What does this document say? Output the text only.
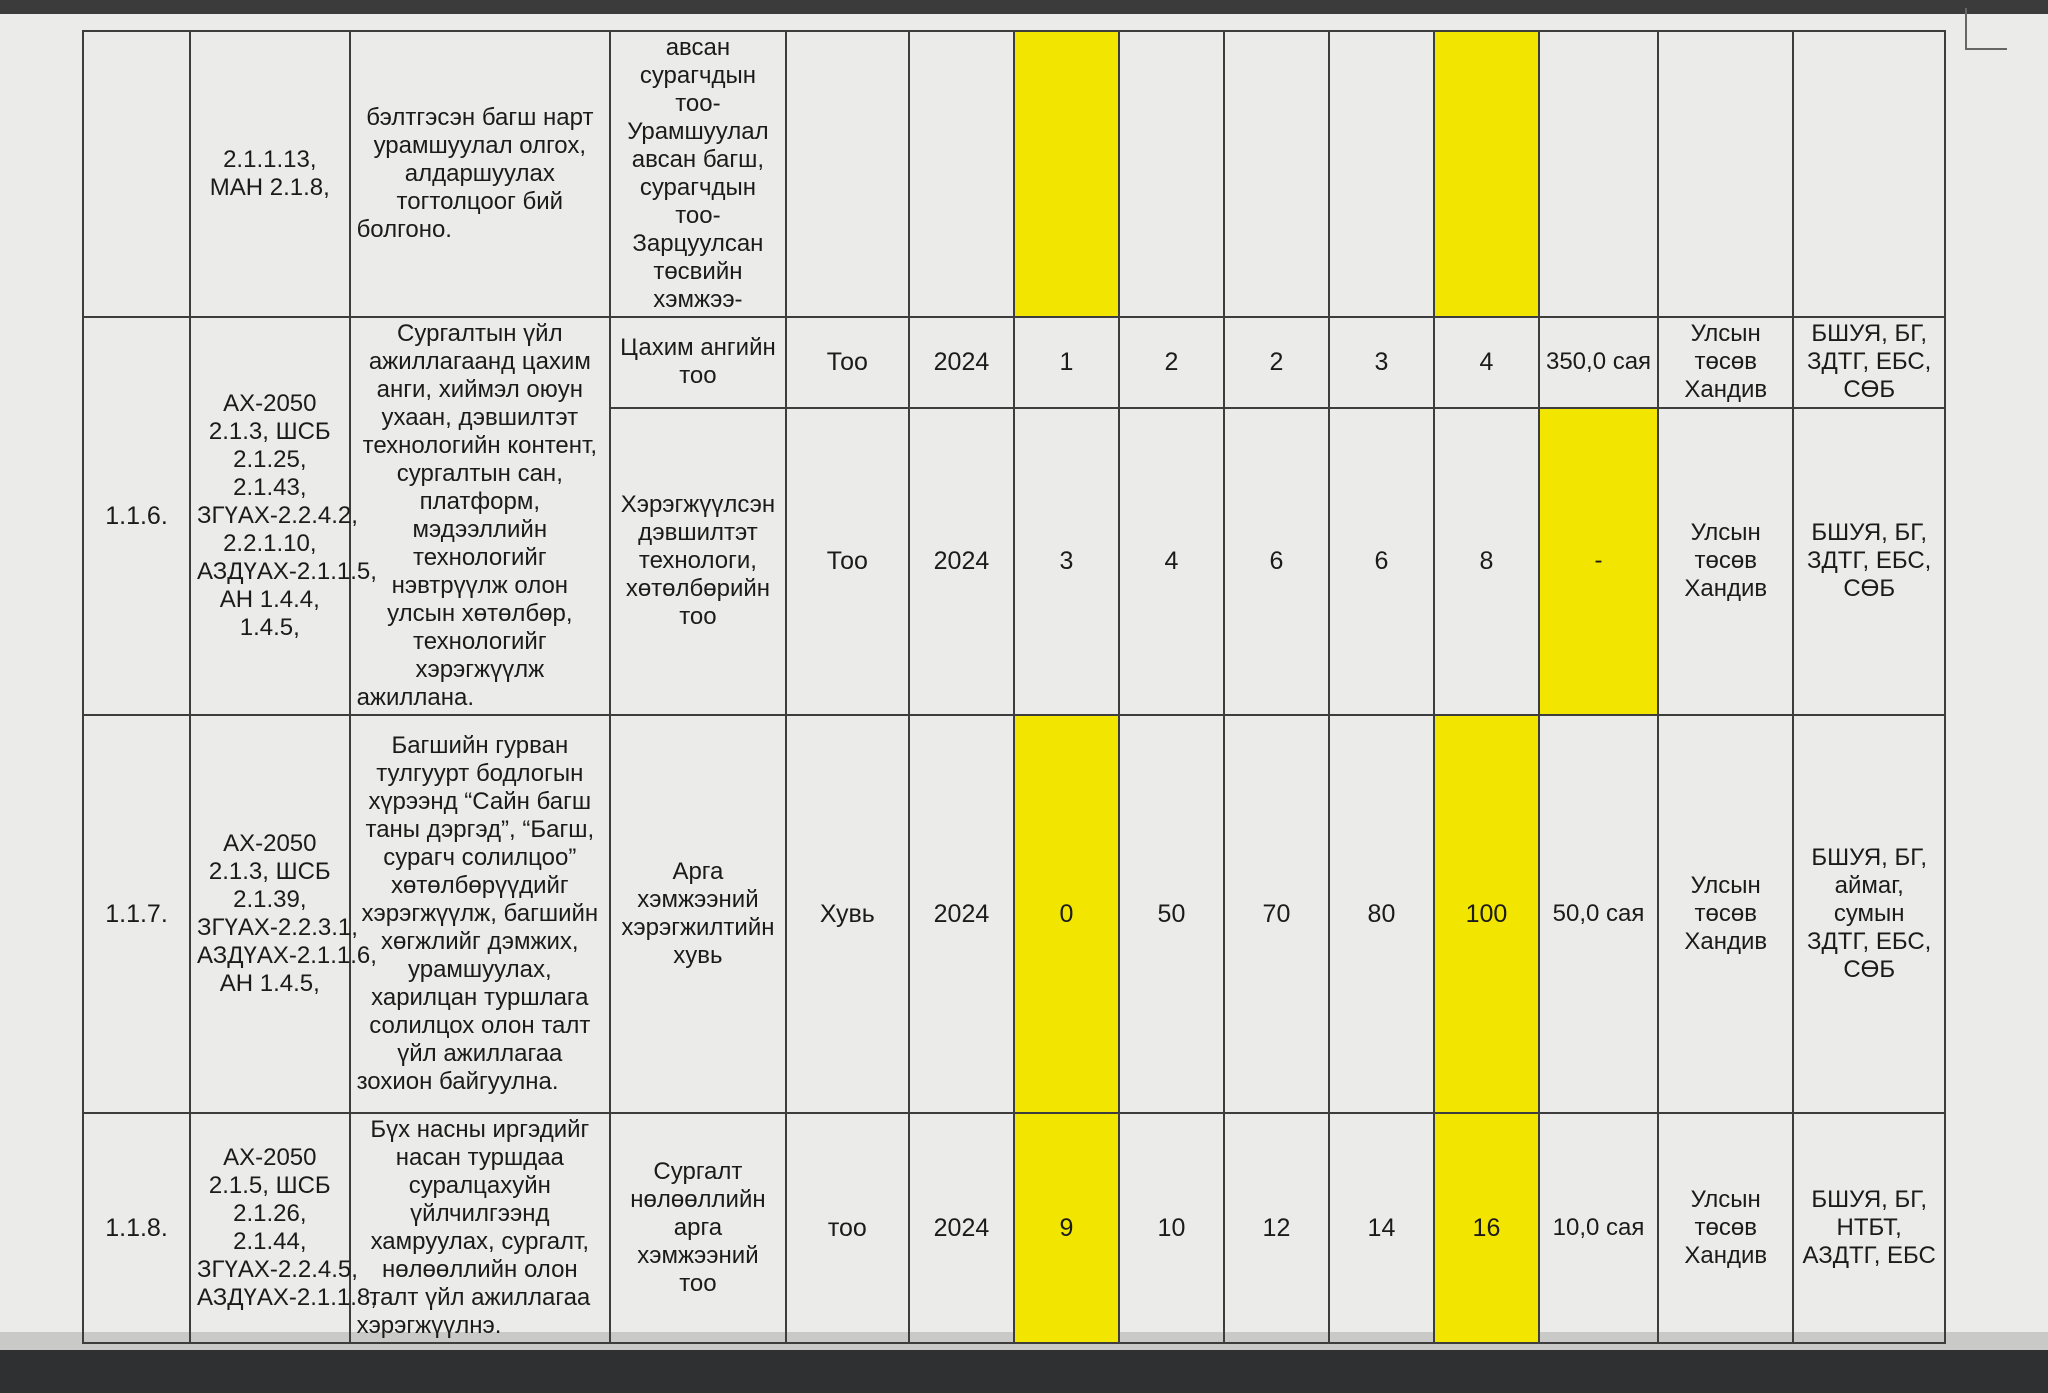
	2.1.1.13, МАН 2.1.8,	бэлтгэсэн багш нарт урамшуулал олгох, алдаршуулах тогтолцоог бий болгоно.	авсан сурагчдын тоо- Урамшуулал авсан багш, сурагчдын тоо- Зарцуулсан төсвийн хэмжээ-										
1.1.6.	АХ-2050 2.1.3, ШСБ 2.1.25, 2.1.43, ЗГҮАХ-2.2.4.2, 2.2.1.10, АЗДҮАХ-2.1.1.5, АН 1.4.4, 1.4.5,	Сургалтын үйл ажиллагаанд цахим анги, хиймэл оюун ухаан, дэвшилтэт технологийн контент, сургалтын сан, платформ, мэдээллийн технологийг нэвтрүүлж олон улсын хөтөлбөр, технологийг хэрэгжүүлж ажиллана.	Цахим ангийн тоо	Тоо	2024	1	2	2	3	4	350,0 сая	Улсын төсөв Хандив	БШУЯ, БГ, ЗДТГ, ЕБС, СӨБ
			Хэрэгжүүлсэн дэвшилтэт технологи, хөтөлбөрийн тоо	Тоо	2024	3	4	6	6	8	-	Улсын төсөв Хандив	БШУЯ, БГ, ЗДТГ, ЕБС, СӨБ
1.1.7.	АХ-2050 2.1.3, ШСБ 2.1.39, ЗГҮАХ-2.2.3.1, АЗДҮАХ-2.1.1.6, АН 1.4.5,	Багшийн гурван тулгуурт бодлогын хүрээнд “Сайн багш таны дэргэд”, “Багш, сурагч солилцоо” хөтөлбөрүүдийг хэрэгжүүлж, багшийн хөгжлийг дэмжих, урамшуулах, харилцан туршлага солилцох олон талт үйл ажиллагаа зохион байгуулна.	Арга хэмжээний хэрэгжилтийн хувь	Хувь	2024	0	50	70	80	100	50,0 сая	Улсын төсөв Хандив	БШУЯ, БГ, аймаг, сумын ЗДТГ, ЕБС, СӨБ
1.1.8.	АХ-2050 2.1.5, ШСБ 2.1.26, 2.1.44, ЗГҮАХ-2.2.4.5, АЗДҮАХ-2.1.1.8,	Бүх насны иргэдийг насан туршдаа суралцахуйн үйлчилгээнд хамруулах, сургалт, нөлөөллийн олон талт үйл ажиллагаа хэрэгжүүлнэ.	Сургалт нөлөөллийн арга хэмжээний тоо	тоо	2024	9	10	12	14	16	10,0 сая	Улсын төсөв Хандив	БШУЯ, БГ, НТБТ, АЗДТГ, ЕБС
